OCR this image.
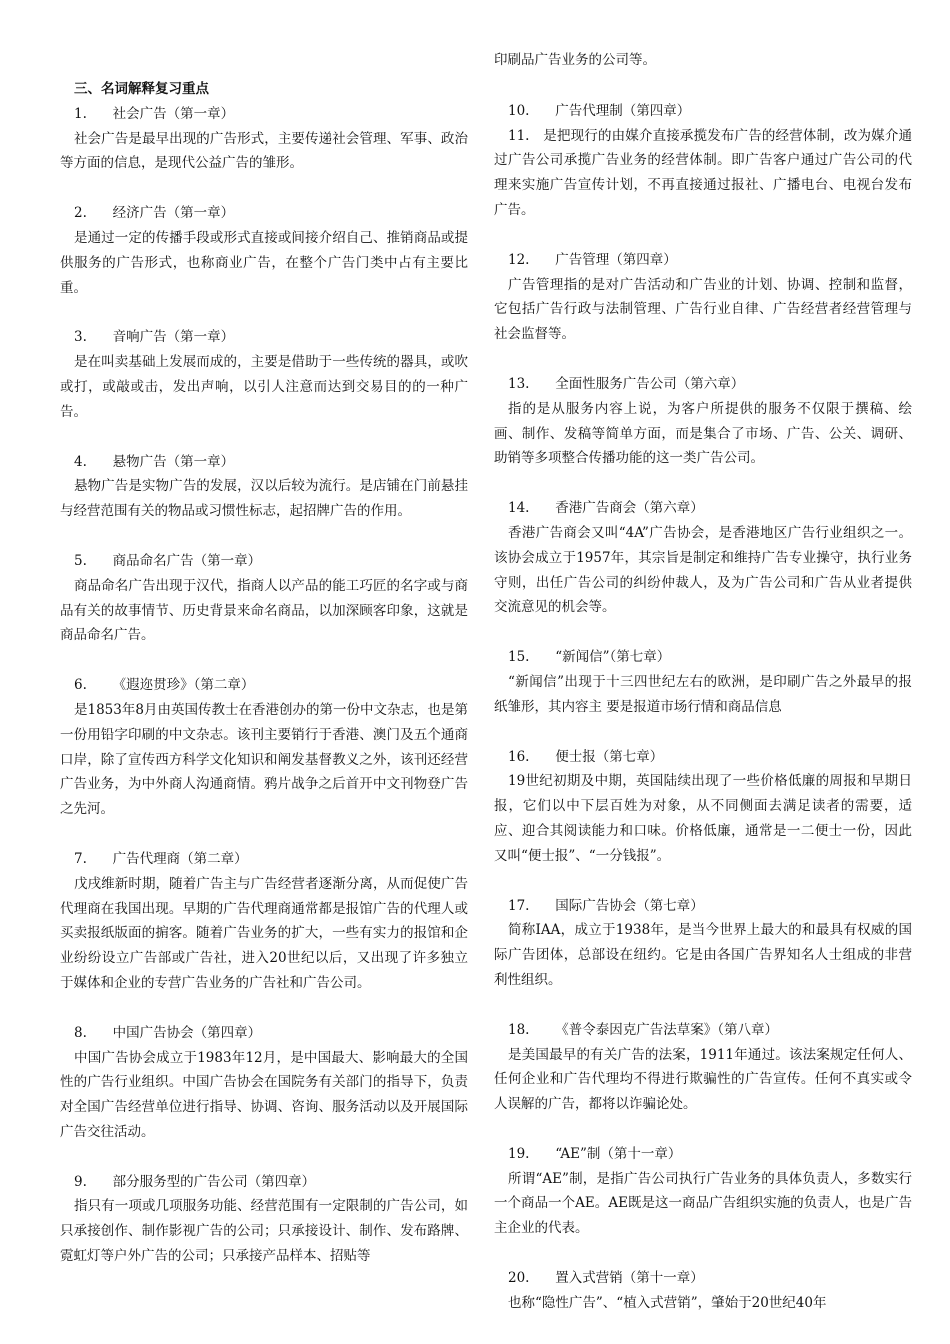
三、名词解释复习重点
1. 社会广告（第一章）
社会广告是最早出现的广告形式，主要传递社会管理、军事、政治等方面的信息，是现代公益广告的雏形。
2. 经济广告（第一章）
是通过一定的传播手段或形式直接或间接介绍自己、推销商品或提供服务的广告形式，也称商业广告，在整个广告门类中占有主要比重。
3. 音响广告（第一章）
是在叫卖基础上发展而成的，主要是借助于一些传统的器具，或吹或打，或敲或击，发出声响，以引人注意而达到交易目的的一种广告。
4. 悬物广告（第一章）
悬物广告是实物广告的发展，汉以后较为流行。是店铺在门前悬挂与经营范围有关的物品或习惯性标志，起招牌广告的作用。
5. 商品命名广告（第一章）
商品命名广告出现于汉代，指商人以产品的能工巧匠的名字或与商品有关的故事情节、历史背景来命名商品，以加深顾客印象，这就是商品命名广告。
6. 《遐迩贯珍》（第二章）
是1853年8月由英国传教士在香港创办的第一份中文杂志，也是第一份用铅字印刷的中文杂志。该刊主要销行于香港、澳门及五个通商口岸，除了宣传西方科学文化知识和阐发基督教义之外，该刊还经营广告业务，为中外商人沟通商情。鸦片战争之后首开中文刊物登广告之先河。
7. 广告代理商（第二章）
戊戌维新时期，随着广告主与广告经营者逐渐分离，从而促使广告代理商在我国出现。早期的广告代理商通常都是报馆广告的代理人或买卖报纸版面的掮客。随着广告业务的扩大，一些有实力的报馆和企业纷纷设立广告部或广告社，进入20世纪以后，又出现了许多独立于媒体和企业的专营广告业务的广告社和广告公司。
8. 中国广告协会（第四章）
中国广告协会成立于1983年12月，是中国最大、影响最大的全国性的广告行业组织。中国广告协会在国院务有关部门的指导下，负责对全国广告经营单位进行指导、协调、咨询、服务活动以及开展国际广告交往活动。
9. 部分服务型的广告公司（第四章）
指只有一项或几项服务功能、经营范围有一定限制的广告公司，如只承接创作、制作影视广告的公司；只承接设计、制作、发布路牌、霓虹灯等户外广告的公司；只承接产品样本、招贴等
印刷品广告业务的公司等。
10. 广告代理制（第四章）
11.　是把现行的由媒介直接承揽发布广告的经营体制，改为媒介通过广告公司承揽广告业务的经营体制。即广告客户通过广告公司的代理来实施广告宣传计划，不再直接通过报社、广播电台、电视台发布广告。
12. 广告管理（第四章）
广告管理指的是对广告活动和广告业的计划、协调、控制和监督，它包括广告行政与法制管理、广告行业自律、广告经营者经营管理与社会监督等。
13. 全面性服务广告公司（第六章）
指的是从服务内容上说，为客户所提供的服务不仅限于撰稿、绘画、制作、发稿等简单方面，而是集合了市场、广告、公关、调研、助销等多项整合传播功能的这一类广告公司。
14. 香港广告商会（第六章）
香港广告商会又叫“4A”广告协会，是香港地区广告行业组织之一。该协会成立于1957年，其宗旨是制定和维持广告专业操守，执行业务守则，出任广告公司的纠纷仲裁人，及为广告公司和广告从业者提供交流意见的机会等。
15. “新闻信”（第七章）
“新闻信”出现于十三四世纪左右的欧洲，是印刷广告之外最早的报纸雏形，其内容主 要是报道市场行情和商品信息
16. 便士报（第七章）
19世纪初期及中期，英国陆续出现了一些价格低廉的周报和早期日报，它们以中下层百姓为对象，从不同侧面去满足读者的需要，适应、迎合其阅读能力和口味。价格低廉，通常是一二便士一份，因此又叫“便士报”、“一分钱报”。
17. 国际广告协会（第七章）
简称IAA，成立于1938年，是当今世界上最大的和最具有权威的国际广告团体，总部设在纽约。它是由各国广告界知名人士组成的非营利性组织。
18. 《普令泰因克广告法草案》（第八章）
是美国最早的有关广告的法案，1911年通过。该法案规定任何人、任何企业和广告代理均不得进行欺骗性的广告宣传。任何不真实或令人误解的广告，都将以诈骗论处。
19. “AE”制（第十一章）
所谓“AE”制，是指广告公司执行广告业务的具体负责人，多数实行一个商品一个AE。AE既是这一商品广告组织实施的负责人，也是广告主企业的代表。
20. 置入式营销（第十一章）
也称“隐性广告”、“植入式营销”，肇始于20世纪40年
